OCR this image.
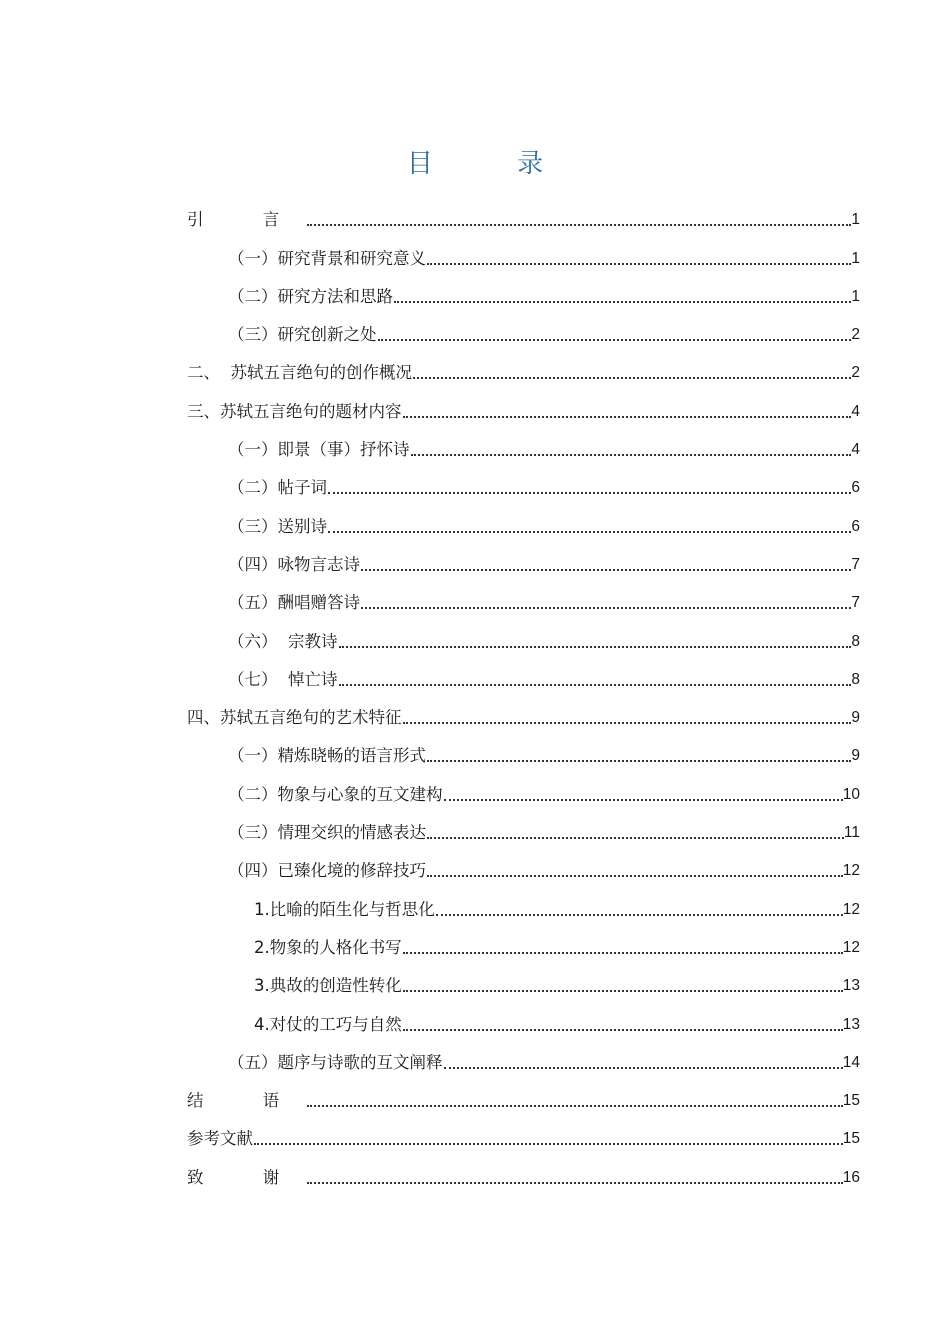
目 录
引 言	1
（一）研究背景和研究意义	1
（二）研究方法和思路	1
（三）研究创新之处	2
二、  苏轼五言绝句的创作概况	2
三、苏轼五言绝句的题材内容	4
（一）即景（事）抒怀诗	4
（二）帖子词	6
（三）送别诗	6
（四）咏物言志诗	7
（五）酬唱赠答诗	7
（六）  宗教诗	8
（七）  悼亡诗	8
四、苏轼五言绝句的艺术特征	9
（一）精炼晓畅的语言形式	9
（二）物象与心象的互文建构	10
（三）情理交织的情感表达	11
（四）已臻化境的修辞技巧	12
1.比喻的陌生化与哲思化	12
2.物象的人格化书写	12
3.典故的创造性转化	13
4.对仗的工巧与自然	13
（五）题序与诗歌的互文阐释	14
结 语	15
参考文献	15
致 谢	16
